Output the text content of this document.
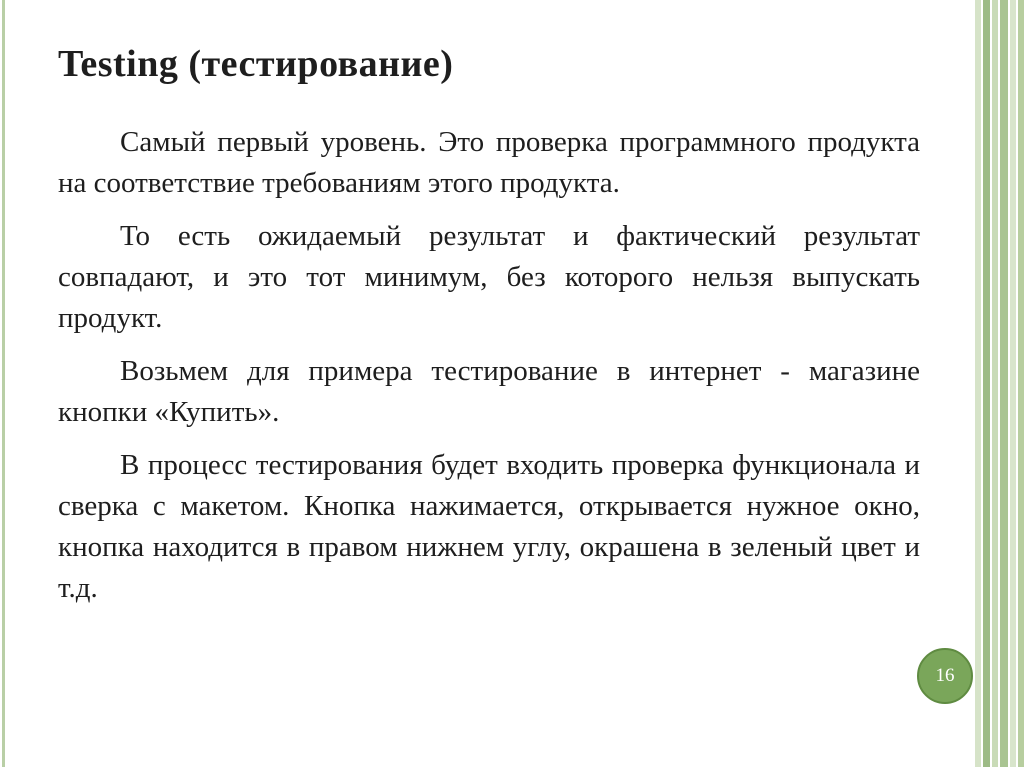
Testing (тестирование)

Самый первый уровень. Это проверка программного продукта на соответствие требованиям этого продукта.

То есть ожидаемый результат и фактический результат совпадают, и это тот минимум, без которого нельзя выпускать продукт.

Возьмем для примера тестирование в интернет - магазине кнопки «Купить».

В процесс тестирования будет входить проверка функционала и сверка с макетом. Кнопка нажимается, открывается нужное окно, кнопка находится в правом нижнем углу, окрашена в зеленый цвет и т.д.

16
